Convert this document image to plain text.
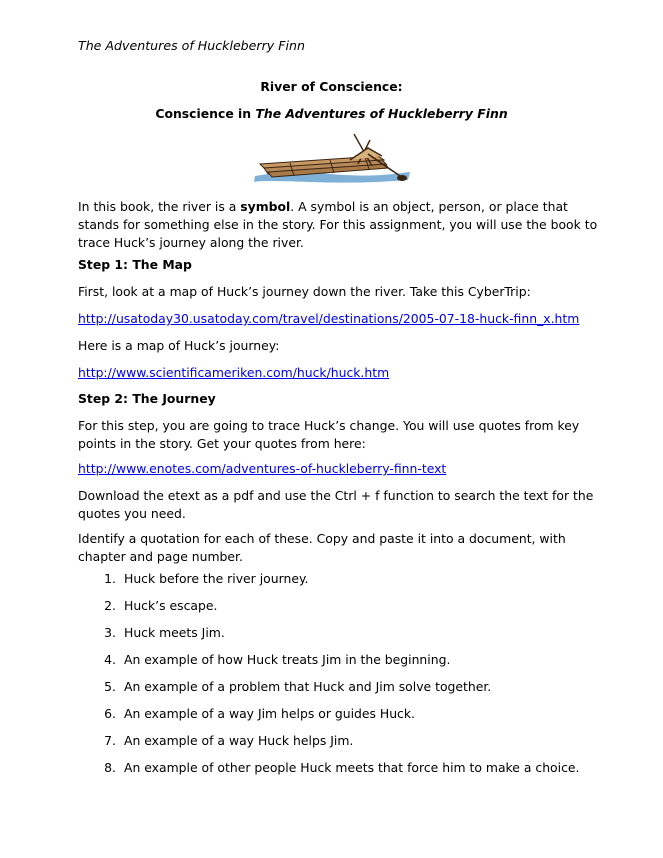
The Adventures of Huckleberry Finn
River of Conscience:
Conscience in The Adventures of Huckleberry Finn
In this book, the river is a symbol. A symbol is an object, person, or place that stands for something else in the story. For this assignment, you will use the book to trace Huck’s journey along the river.
Step 1: The Map
First, look at a map of Huck’s journey down the river. Take this CyberTrip:
http://usatoday30.usatoday.com/travel/destinations/2005-07-18-huck-finn_x.htm
Here is a map of Huck’s journey:
http://www.scientificameriken.com/huck/huck.htm
Step 2: The Journey
For this step, you are going to trace Huck’s change. You will use quotes from key points in the story. Get your quotes from here:
http://www.enotes.com/adventures-of-huckleberry-finn-text
Download the etext as a pdf and use the Ctrl + f function to search the text for the quotes you need.
Identify a quotation for each of these. Copy and paste it into a document, with chapter and page number.
1. Huck before the river journey.
2. Huck’s escape.
3. Huck meets Jim.
4. An example of how Huck treats Jim in the beginning.
5. An example of a problem that Huck and Jim solve together.
6. An example of a way Jim helps or guides Huck.
7. An example of a way Huck helps Jim.
8. An example of other people Huck meets that force him to make a choice.
